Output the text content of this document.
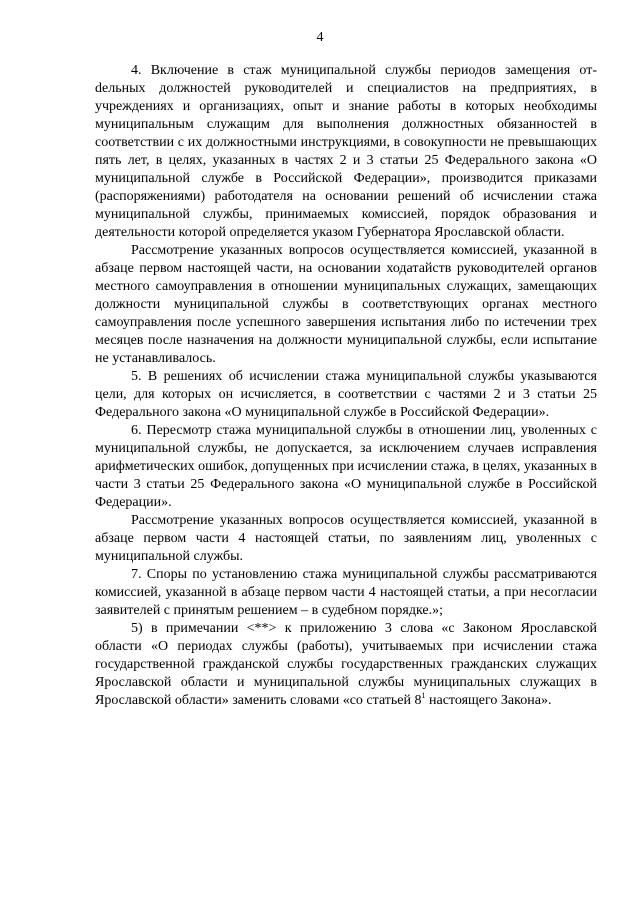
4

4. Включение в стаж муниципальной службы периодов замещения отdельных должностей руководителей и специалистов на предприятиях, в учреждениях и организациях, опыт и знание работы в которых необходимы муниципальным служащим для выполнения должностных обязанностей в соответствии с их должностными инструкциями, в совокупности не превышающих пять лет, в целях, указанных в частях 2 и 3 статьи 25 Федерального закона «О муниципальной службе в Российской Федерации», производится приказами (распоряжениями) работодателя на основании решений об исчислении стажа муниципальной службы, принимаемых комиссией, порядок образования и деятельности которой определяется указом Губернатора Ярославской области.

Рассмотрение указанных вопросов осуществляется комиссией, указанной в абзаце первом настоящей части, на основании ходатайств руководителей органов местного самоуправления в отношении муниципальных служащих, замещающих должности муниципальной службы в соответствующих органах местного самоуправления после успешного завершения испытания либо по истечении трех месяцев после назначения на должности муниципальной службы, если испытание не устанавливалось.

5. В решениях об исчислении стажа муниципальной службы указываются цели, для которых он исчисляется, в соответствии с частями 2 и 3 статьи 25 Федерального закона «О муниципальной службе в Российской Федерации».

6. Пересмотр стажа муниципальной службы в отношении лиц, уволенных с муниципальной службы, не допускается, за исключением случаев исправления арифметических ошибок, допущенных при исчислении стажа, в целях, указанных в части 3 статьи 25 Федерального закона «О муниципальной службе в Российской Федерации».

Рассмотрение указанных вопросов осуществляется комиссией, указанной в абзаце первом части 4 настоящей статьи, по заявлениям лиц, уволенных с муниципальной службы.

7. Споры по установлению стажа муниципальной службы рассматриваются комиссией, указанной в абзаце первом части 4 настоящей статьи, а при несогласии заявителей с принятым решением – в судебном порядке.»;

5) в примечании <**> к приложению 3 слова «с Законом Ярославской области «О периодах службы (работы), учитываемых при исчислении стажа государственной гражданской службы государственных гражданских служащих Ярославской области и муниципальной службы муниципальных служащих в Ярославской области» заменить словами «со статьей $8^1$ настоящего Закона».
